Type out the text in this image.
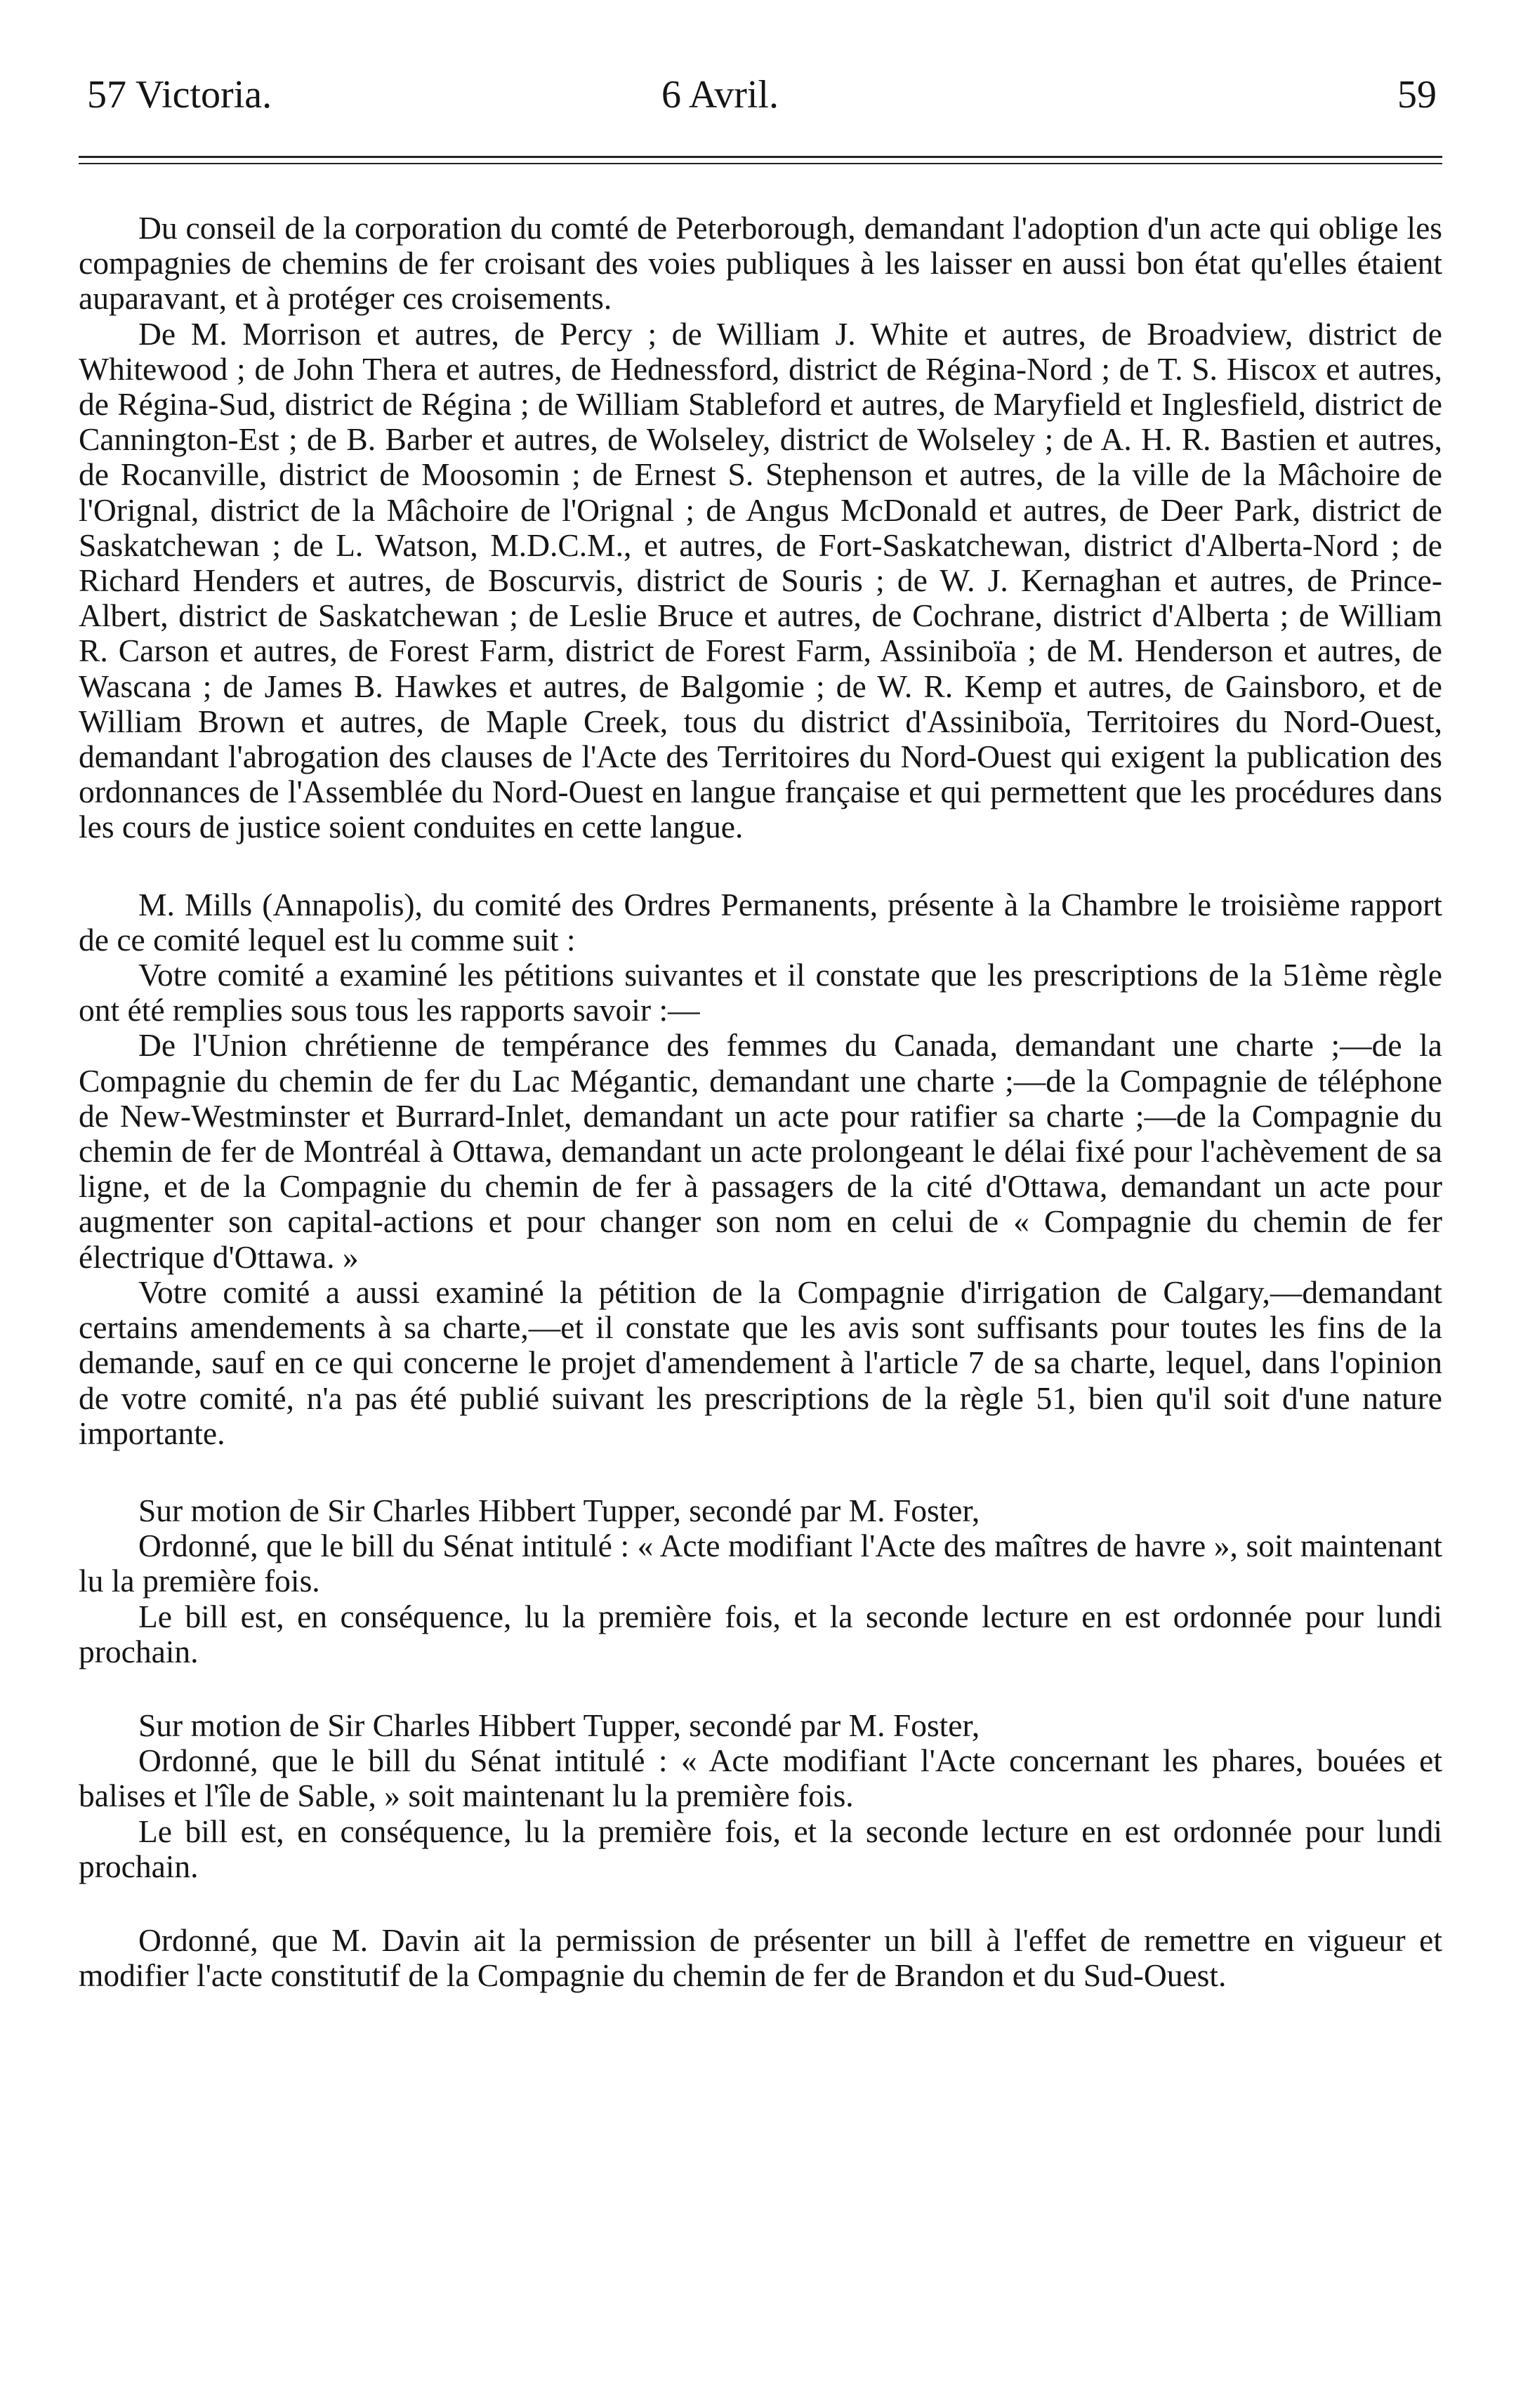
57 Victoria.	6 Avril.	59

Du conseil de la corporation du comté de Peterborough, demandant l'adoption d'un acte qui oblige les compagnies de chemins de fer croisant des voies publiques à les laisser en aussi bon état qu'elles étaient auparavant, et à protéger ces croisements.

De M. Morrison et autres, de Percy ; de William J. White et autres, de Broadview, district de Whitewood ; de John Thera et autres, de Hednessford, district de Régina-Nord ; de T. S. Hiscox et autres, de Régina-Sud, district de Régina ; de William Stableford et autres, de Maryfield et Inglesfield, district de Cannington-Est ; de B. Barber et autres, de Wolseley, district de Wolseley ; de A. H. R. Bastien et autres, de Rocanville, district de Moosomin ; de Ernest S. Stephenson et autres, de la ville de la Mâchoire de l'Orignal, district de la Mâchoire de l'Orignal ; de Angus McDonald et autres, de Deer Park, district de Saskatchewan ; de L. Watson, M.D.C.M., et autres, de Fort-Saskatchewan, district d'Alberta-Nord ; de Richard Henders et autres, de Boscurvis, district de Souris ; de W. J. Kernaghan et autres, de Prince-Albert, district de Saskatchewan ; de Leslie Bruce et autres, de Cochrane, district d'Alberta ; de William R. Carson et autres, de Forest Farm, district de Forest Farm, Assiniboïa ; de M. Henderson et autres, de Wascana ; de James B. Hawkes et autres, de Balgomie ; de W. R. Kemp et autres, de Gainsboro, et de William Brown et autres, de Maple Creek, tous du district d'Assiniboïa, Territoires du Nord-Ouest, demandant l'abrogation des clauses de l'Acte des Territoires du Nord-Ouest qui exigent la publication des ordonnances de l'Assemblée du Nord-Ouest en langue française et qui permettent que les procédures dans les cours de justice soient conduites en cette langue.

M. Mills (Annapolis), du comité des Ordres Permanents, présente à la Chambre le troisième rapport de ce comité lequel est lu comme suit :

Votre comité a examiné les pétitions suivantes et il constate que les prescriptions de la 51ème règle ont été remplies sous tous les rapports savoir :—

De l'Union chrétienne de tempérance des femmes du Canada, demandant une charte ;—de la Compagnie du chemin de fer du Lac Mégantic, demandant une charte ;—de la Compagnie de téléphone de New-Westminster et Burrard-Inlet, demandant un acte pour ratifier sa charte ;—de la Compagnie du chemin de fer de Montréal à Ottawa, demandant un acte prolongeant le délai fixé pour l'achèvement de sa ligne, et de la Compagnie du chemin de fer à passagers de la cité d'Ottawa, demandant un acte pour augmenter son capital-actions et pour changer son nom en celui de « Compagnie du chemin de fer électrique d'Ottawa. »

Votre comité a aussi examiné la pétition de la Compagnie d'irrigation de Calgary,—demandant certains amendements à sa charte,—et il constate que les avis sont suffisants pour toutes les fins de la demande, sauf en ce qui concerne le projet d'amendement à l'article 7 de sa charte, lequel, dans l'opinion de votre comité, n'a pas été publié suivant les prescriptions de la règle 51, bien qu'il soit d'une nature importante.

Sur motion de Sir Charles Hibbert Tupper, secondé par M. Foster,

Ordonné, que le bill du Sénat intitulé : « Acte modifiant l'Acte des maîtres de havre », soit maintenant lu la première fois.

Le bill est, en conséquence, lu la première fois, et la seconde lecture en est ordonnée pour lundi prochain.

Sur motion de Sir Charles Hibbert Tupper, secondé par M. Foster,

Ordonné, que le bill du Sénat intitulé : « Acte modifiant l'Acte concernant les phares, bouées et balises et l'île de Sable, » soit maintenant lu la première fois.

Le bill est, en conséquence, lu la première fois, et la seconde lecture en est ordonnée pour lundi prochain.

Ordonné, que M. Davin ait la permission de présenter un bill à l'effet de remettre en vigueur et modifier l'acte constitutif de la Compagnie du chemin de fer de Brandon et du Sud-Ouest.
